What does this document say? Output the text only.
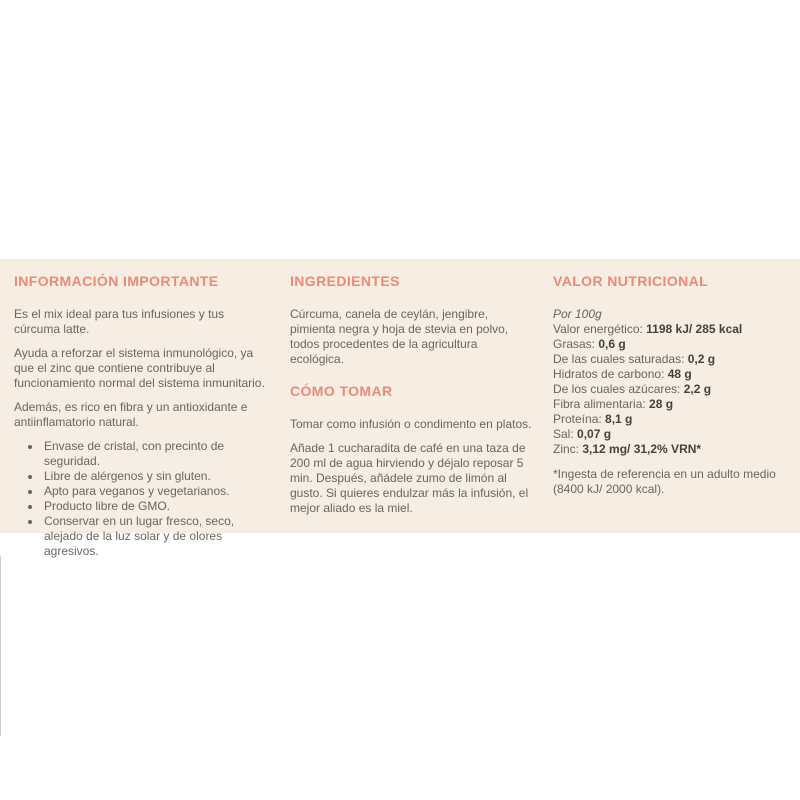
INFORMACIÓN IMPORTANTE

Es el mix ideal para tus infusiones y tus cúrcuma latte.

Ayuda a reforzar el sistema inmunológico, ya que el zinc que contiene contribuye al funcionamiento normal del sistema inmunitario.

Además, es rico en fibra y un antioxidante e antiinflamatorio natural.

• Envase de cristal, con precinto de seguridad.
• Libre de alérgenos y sin gluten.
• Apto para veganos y vegetarianos.
• Producto libre de GMO.
• Conservar en un lugar fresco, seco, alejado de la luz solar y de olores agresivos.
INGREDIENTES

Cúrcuma, canela de ceylán, jengibre, pimienta negra y hoja de stevia en polvo, todos procedentes de la agricultura ecológica.

CÓMO TOMAR

Tomar como infusión o condimento en platos.

Añade 1 cucharadita de café en una taza de 200 ml de agua hirviendo y déjalo reposar 5 min. Después, añádele zumo de limón al gusto. Si quieres endulzar más la infusión, el mejor aliado es la miel.

VALOR NUTRICIONAL

Por 100g

Valor energético: 1198 kJ/ 285 kcal
Grasas: 0,6 g
De las cuales saturadas: 0,2 g
Hidratos de carbono: 48 g
De los cuales azúcares: 2,2 g
Fibra alimentaria: 28 g
Proteína: 8,1 g
Sal: 0,07 g
Zinc: 3,12 mg/ 31,2% VRN*

*Ingesta de referencia en un adulto medio (8400 kJ/ 2000 kcal).
